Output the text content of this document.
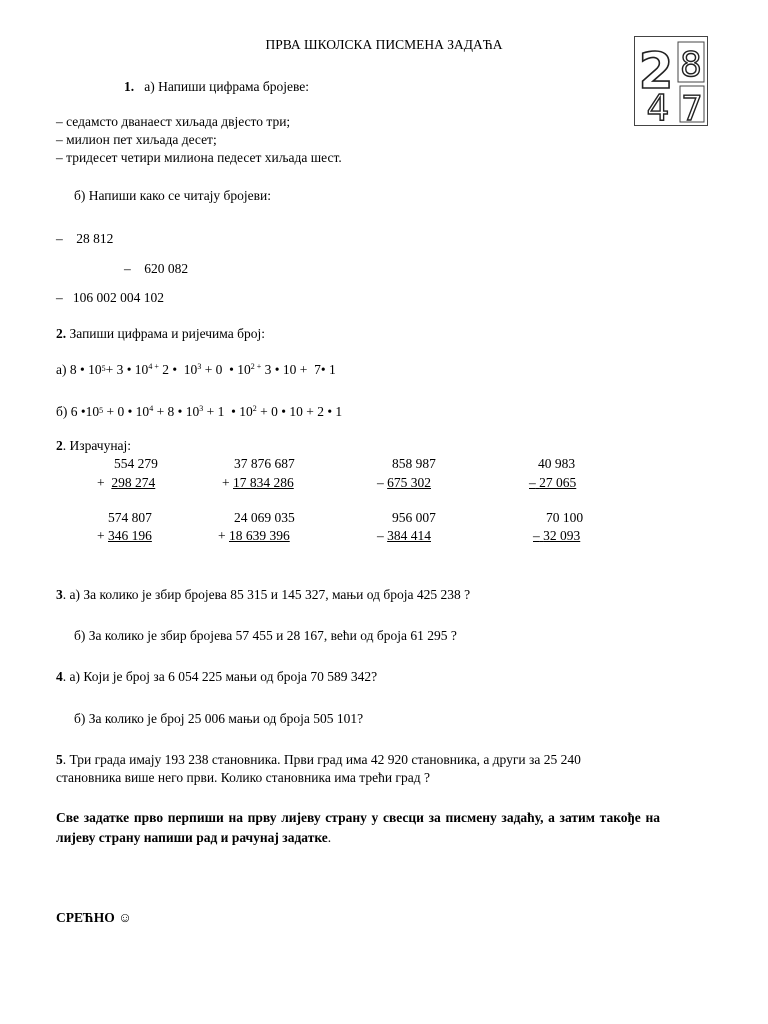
ПРВА ШКОЛСКА ПИСМЕНА ЗАДАЋА	2 8
4 7
1. а) Напиши цифрама бројеве:
– седамсто дванаест хиљада двјесто три;
– милион пет хиљада десет;
– тридесет четири милиона педесет хиљада шест.
б) Напиши како се читају бројеви:
– 28 812
– 620 082
– 106 002 004 102
2. Запиши цифрама и ријечима број:
а) 8 • $10^5+ 3$ • $10^{4 +}$ 2 •  $10^3 + 0$  • $10^{2 +}$ 3 • 10 +  7• 1
б) 6 $•10^5 + 0$ • $10^4 + 8$ • $10^3 + 1$  • $10^2 + 0$ • 10 + 2 • 1
2. Израчунај:
554 279
+ 298 274
37 876 687
+ 17 834 286
858 987
– 675 302
40 983
– 27 065
574 807
+ 346 196
24 069 035
+ 18 639 396
956 007
– 384 414
70 100
– 32 093
3. а) За колико је збир бројева 85 315 и 145 327, мањи од броја 425 238 ?
б) За колико је збир бројева 57 455 и 28 167, већи од броја 61 295 ?
4. а) Који је број за 6 054 225 мањи од броја 70 589 342?
б) За колико је број 25 006 мањи од броја 505 101?
5. Три града имају 193 238 становника. Први град има 42 920 становника, а други за 25 240
становника више него први. Колико становника има трећи град ?
Све задатке прво перпиши на прву лијеву страну у свесци за писмену задаћу, а затим такође на лијеву страну напиши рад и рачунај задатке.
СРЕЋНО ☺
